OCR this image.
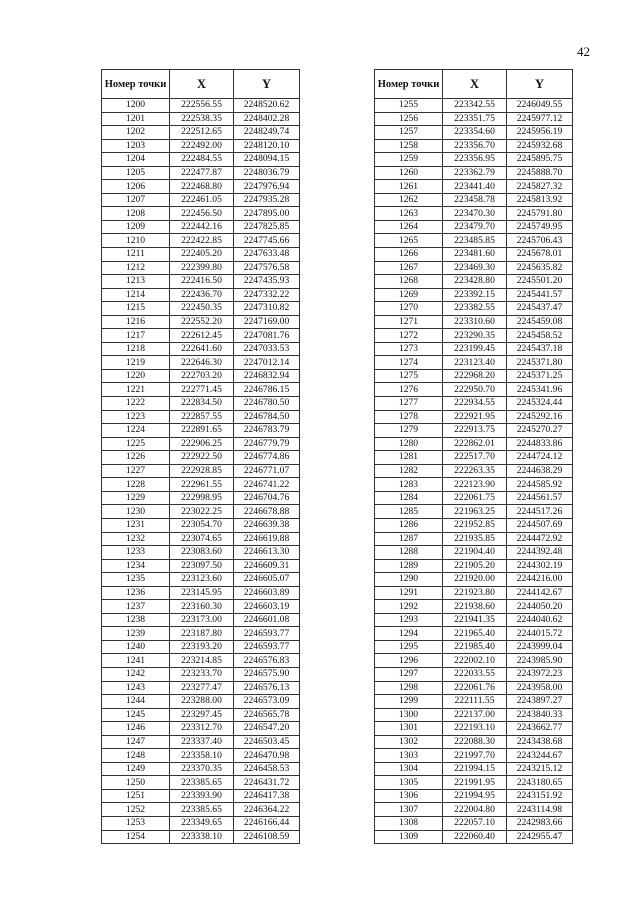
42
Номер точки	X	Y
1200	222556.55	2248520.62
1201	222538.35	2248402.28
1202	222512.65	2248249.74
1203	222492.00	2248120.10
1204	222484.55	2248094.15
1205	222477.87	2248036.79
1206	222468.80	2247976.94
1207	222461.05	2247935.28
1208	222456.50	2247895.00
1209	222442.16	2247825.85
1210	222422.85	2247745.66
1211	222405.20	2247633.48
1212	222399.80	2247576.58
1213	222416.50	2247435.93
1214	222436.70	2247332.22
1215	222450.35	2247310.82
1216	222552.20	2247169.00
1217	222612.45	2247081.76
1218	222641.60	2247033.53
1219	222646.30	2247012.14
1220	222703.20	2246832.94
1221	222771.45	2246786.15
1222	222834.50	2246780.50
1223	222857.55	2246784.50
1224	222891.65	2246783.79
1225	222906.25	2246779.79
1226	222922.50	2246774.86
1227	222928.85	2246771.07
1228	222961.55	2246741.22
1229	222998.95	2246704.76
1230	223022.25	2246678.88
1231	223054.70	2246639.38
1232	223074.65	2246619.88
1233	223083.60	2246613.30
1234	223097.50	2246609.31
1235	223123.60	2246605.07
1236	223145.95	2246603.89
1237	223160.30	2246603.19
1238	223173.00	2246601.08
1239	223187.80	2246593.77
1240	223193.20	2246593.77
1241	223214.85	2246576.83
1242	223233.70	2246575.90
1243	223277.47	2246576.13
1244	223288.00	2246573.09
1245	223297.45	2246565.78
1246	223312.70	2246547.20
1247	223337.40	2246503.45
1248	223358.10	2246470.98
1249	223370.35	2246458.53
1250	223385.65	2246431.72
1251	223393.90	2246417.38
1252	223385.65	2246364.22
1253	223349.65	2246166.44
1254	223338.10	2246108.59
Номер точки	X	Y
1255	223342.55	2246049.55
1256	223351.75	2245977.12
1257	223354.60	2245956.19
1258	223356.70	2245932.68
1259	223356.95	2245895.75
1260	223362.79	2245888.70
1261	223441.40	2245827.32
1262	223458.78	2245813.92
1263	223470.30	2245791.80
1264	223479.70	2245749.95
1265	223485.85	2245706.43
1266	223481.60	2245678.01
1267	223469.30	2245635.82
1268	223428.80	2245501.20
1269	223392.15	2245441.57
1270	223382.55	2245437.47
1271	223310.60	2245459.08
1272	223290.35	2245458.52
1273	223199.45	2245437.18
1274	223123.40	2245371.80
1275	222968.20	2245371.25
1276	222950.70	2245341.96
1277	222934.55	2245324.44
1278	222921.95	2245292.16
1279	222913.75	2245270.27
1280	222862.01	2244833.86
1281	222517.70	2244724.12
1282	222263.35	2244638.29
1283	222123.90	2244585.92
1284	222061.75	2244561.57
1285	221963.25	2244517.26
1286	221952.85	2244507.69
1287	221935.85	2244472.92
1288	221904.40	2244392.48
1289	221905.20	2244302.19
1290	221920.00	2244216.00
1291	221923.80	2244142.67
1292	221938.60	2244050.20
1293	221941.35	2244040.62
1294	221965.40	2244015.72
1295	221985.40	2243999.04
1296	222002.10	2243985.90
1297	222033.55	2243972.23
1298	222061.76	2243958.00
1299	222111.55	2243897.27
1300	222137.00	2243840.33
1301	222193.10	2243662.77
1302	222088.30	2243438.68
1303	221997.70	2243244.67
1304	221994.15	2243215.12
1305	221991.95	2243180.65
1306	221994.95	2243151.92
1307	222004.80	2243114.98
1308	222057.10	2242983.66
1309	222060.40	2242955.47
